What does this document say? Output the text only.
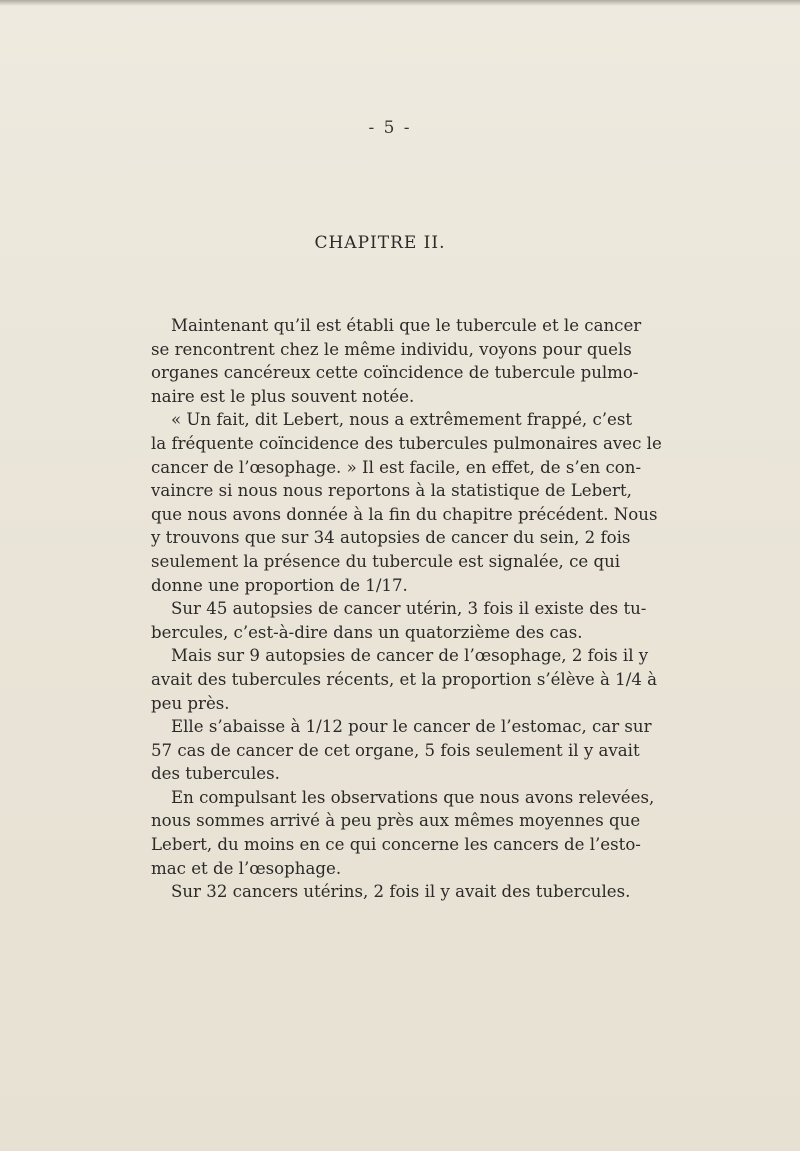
- 5 -
CHAPITRE II.
Maintenant qu’il est établi que le tubercule et le cancer
se rencontrent chez le même individu, voyons pour quels
organes cancéreux cette coïncidence de tubercule pulmo-
naire est le plus souvent notée.
« Un fait, dit Lebert, nous a extrêmement frappé, c’est
la fréquente coïncidence des tubercules pulmonaires avec le
cancer de l’œsophage. » Il est facile, en effet, de s’en con-
vaincre si nous nous reportons à la statistique de Lebert,
que nous avons donnée à la fin du chapitre précédent. Nous
y trouvons que sur 34 autopsies de cancer du sein, 2 fois
seulement la présence du tubercule est signalée, ce qui
donne une proportion de 1/17.
Sur 45 autopsies de cancer utérin, 3 fois il existe des tu-
bercules, c’est-à-dire dans un quatorzième des cas.
Mais sur 9 autopsies de cancer de l’œsophage, 2 fois il y
avait des tubercules récents, et la proportion s’élève à 1/4 à
peu près.
Elle s’abaisse à 1/12 pour le cancer de l’estomac, car sur
57 cas de cancer de cet organe, 5 fois seulement il y avait
des tubercules.
En compulsant les observations que nous avons relevées,
nous sommes arrivé à peu près aux mêmes moyennes que
Lebert, du moins en ce qui concerne les cancers de l’esto-
mac et de l’œsophage.
Sur 32 cancers utérins, 2 fois il y avait des tubercules.
